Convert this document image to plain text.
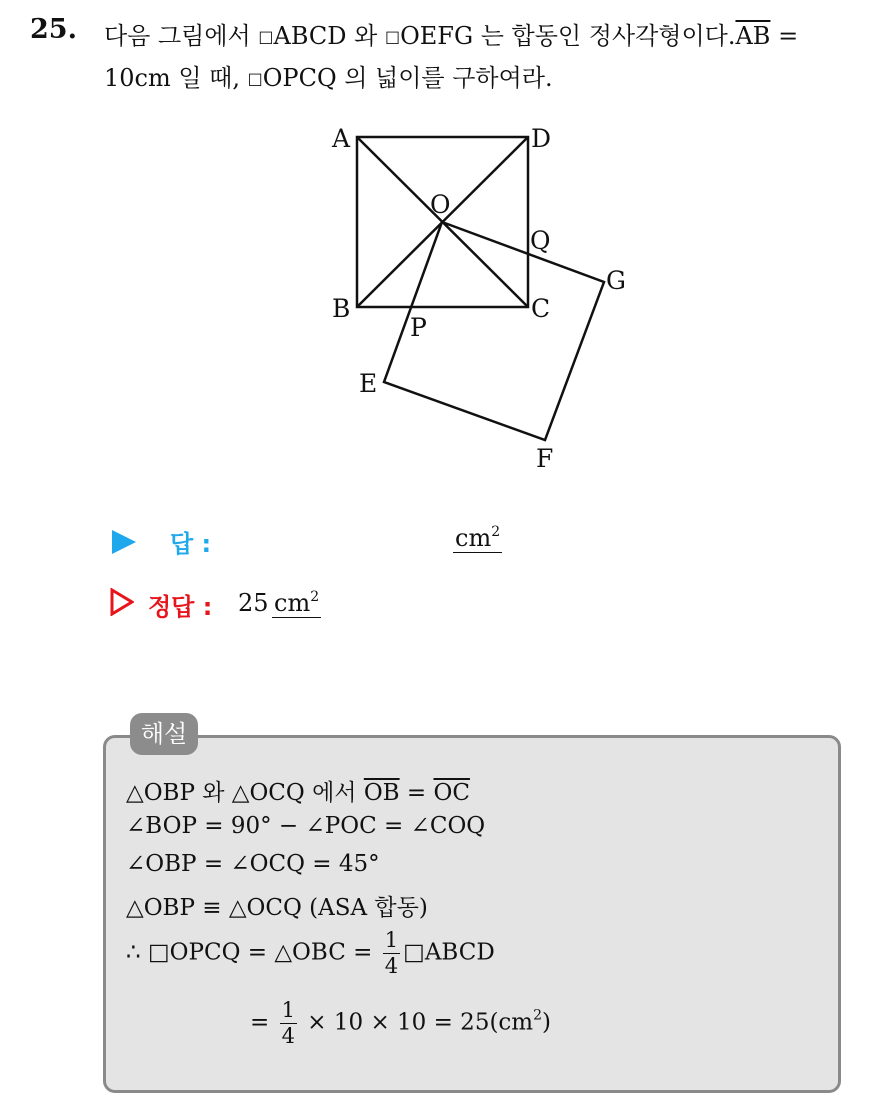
25. 다음 그림에서 □ABCD 와 □OEFG 는 합동인 정사각형이다$.\overline{AB}$ =
10cm 일 때, □OPCQ 의 넓이를 구하여라.
A	D
O
Q
G
B	C
P
E
F
답 :	$cm^2$
정답 : 25 $cm^2$
해설
△OBP 와 △OCQ 에서 $\overline{OB} = \overline{OC}$
∠BOP = 90° − ∠POC = ∠COQ
∠OBP = ∠OCQ = 45°
△OBP ≡ △OCQ (ASA 합동)
∴ □OPCQ = △OBC = $\frac{1}{4}$ □ABCD
= $\frac{1}{4} \times 10 \times 10 = 25(cm^2)$
